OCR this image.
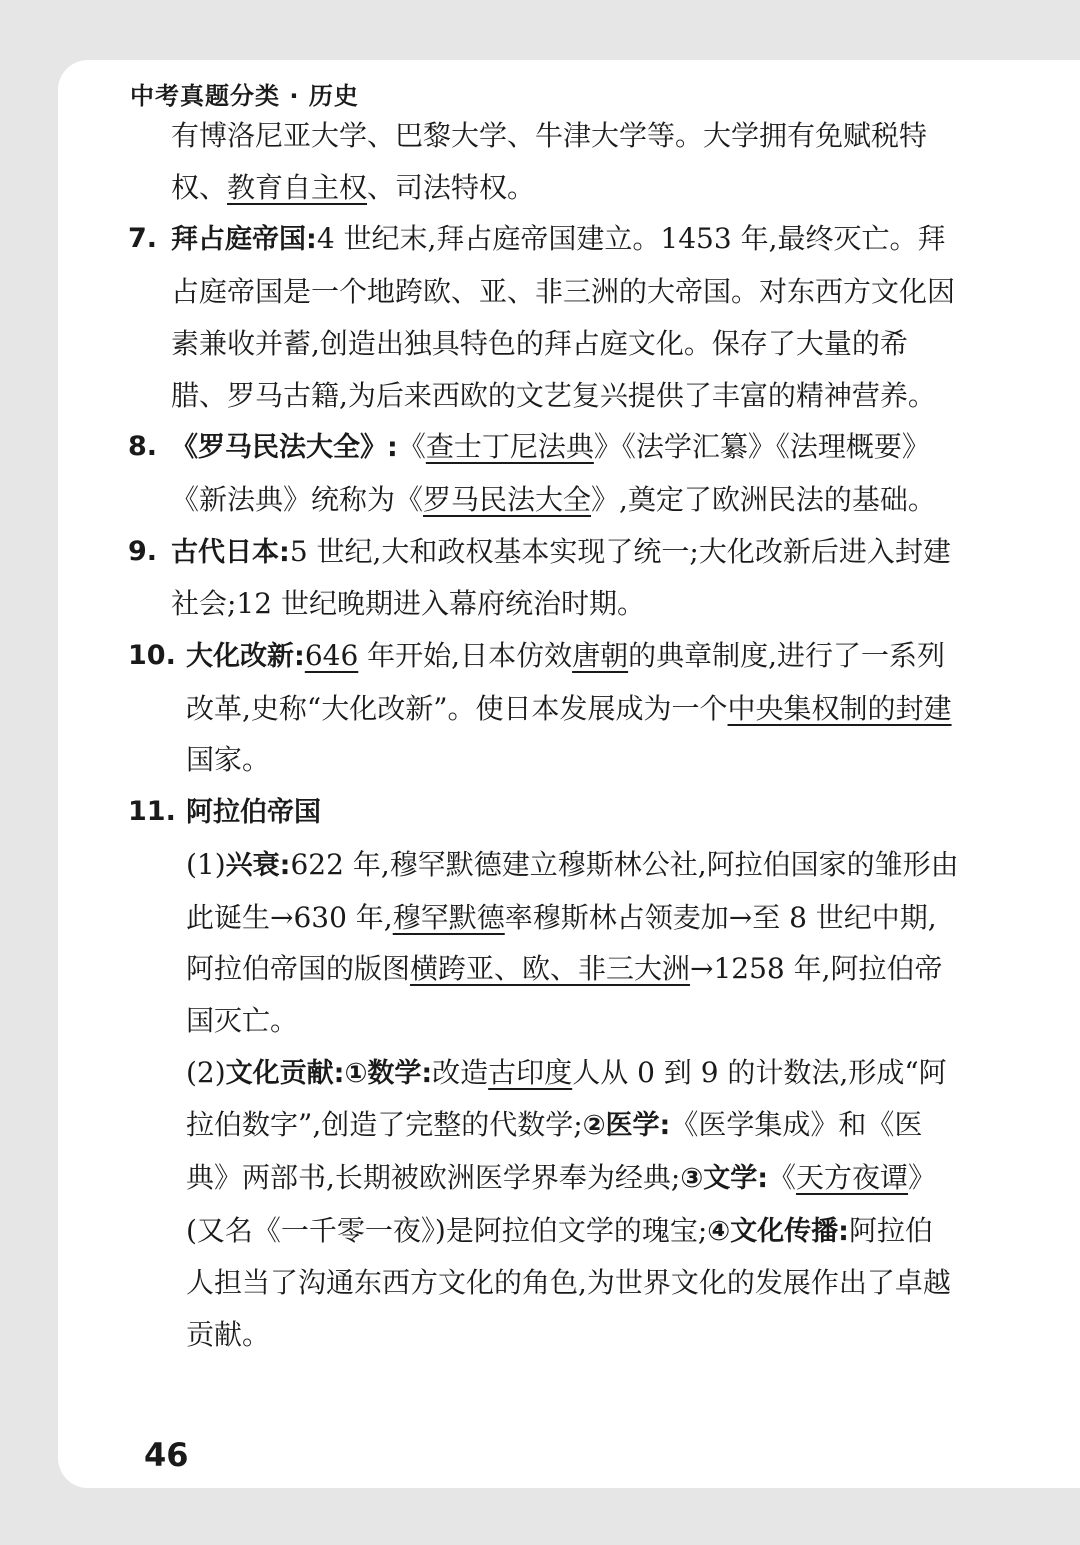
中考真题分类 · 历史

有博洛尼亚大学、巴黎大学、牛津大学等。大学拥有免赋税特权、教育自主权、司法特权。

7. 拜占庭帝国:4 世纪末,拜占庭帝国建立。1453 年,最终灭亡。拜占庭帝国是一个地跨欧、亚、非三洲的大帝国。对东西方文化因素兼收并蓄,创造出独具特色的拜占庭文化。保存了大量的希腊、罗马古籍,为后来西欧的文艺复兴提供了丰富的精神营养。

8. 《罗马民法大全》:《查士丁尼法典》《法学汇纂》《法理概要》《新法典》统称为《罗马民法大全》,奠定了欧洲民法的基础。

9. 古代日本:5 世纪,大和政权基本实现了统一;大化改新后进入封建社会;12 世纪晚期进入幕府统治时期。

10. 大化改新:646 年开始,日本仿效唐朝的典章制度,进行了一系列改革,史称“大化改新”。使日本发展成为一个中央集权制的封建国家。

11. 阿拉伯帝国

(1)兴衰:622 年,穆罕默德建立穆斯林公社,阿拉伯国家的雏形由此诞生→630 年,穆罕默德率穆斯林占领麦加→至 8 世纪中期,阿拉伯帝国的版图横跨亚、欧、非三大洲→1258 年,阿拉伯帝国灭亡。

(2)文化贡献:①数学:改造古印度人从 0 到 9 的计数法,形成“阿拉伯数字”,创造了完整的代数学;②医学:《医学集成》和《医典》两部书,长期被欧洲医学界奉为经典;③文学:《天方夜谭》(又名《一千零一夜》)是阿拉伯文学的瑰宝;④文化传播:阿拉伯人担当了沟通东西方文化的角色,为世界文化的发展作出了卓越贡献。

46
